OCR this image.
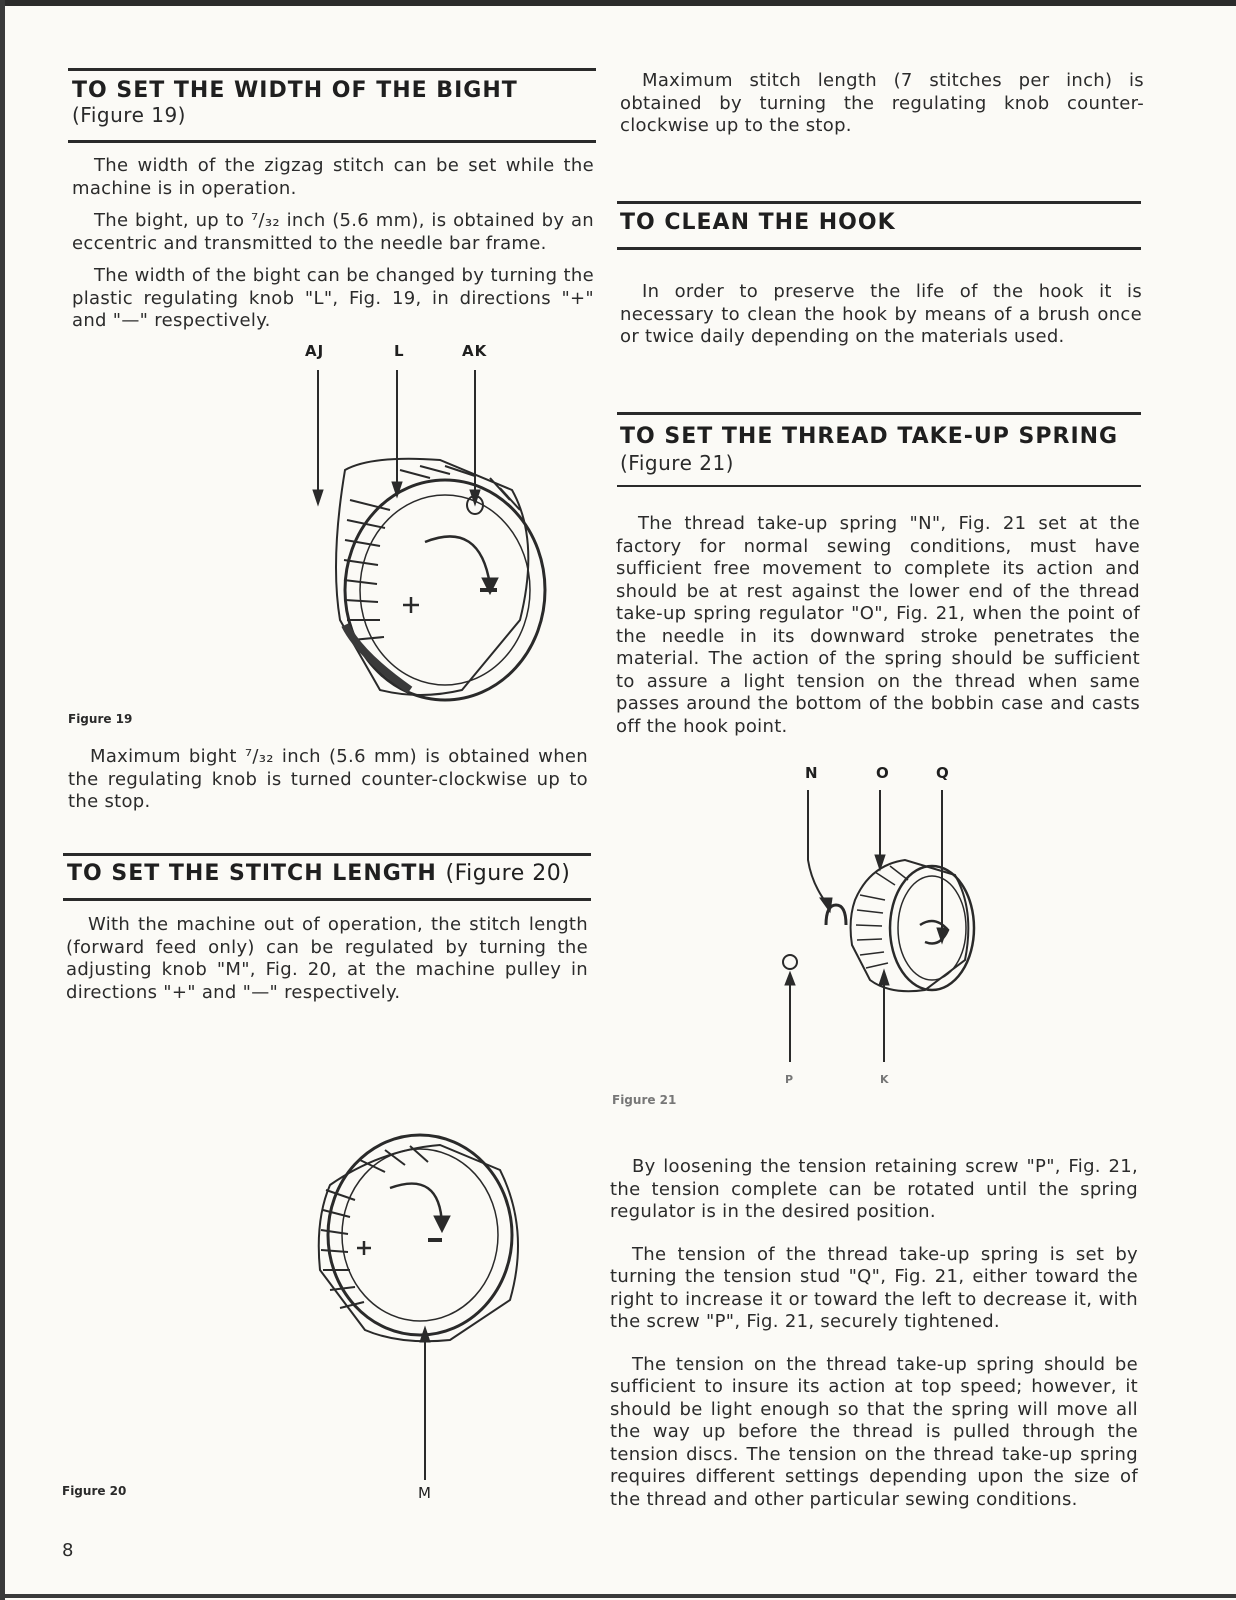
TO SET THE WIDTH OF THE BIGHT
(Figure 19)

The width of the zigzag stitch can be set while the machine is in operation.

The bight, up to ⁷/₃₂ inch (5.6 mm), is obtained by an eccentric and transmitted to the needle bar frame.

The width of the bight can be changed by turning the plastic regulating knob "L", Fig. 19, in directions "+" and "—" respectively.

AJ	L	AK
Figure 19

Maximum bight ⁷/₃₂ inch (5.6 mm) is obtained when the regulating knob is turned counter-clockwise up to the stop.

TO SET THE STITCH LENGTH (Figure 20)

With the machine out of operation, the stitch length (forward feed only) can be regulated by turning the adjusting knob "M", Fig. 20, at the machine pulley in directions "+" and "—" respectively.

M
Figure 20
8

Maximum stitch length (7 stitches per inch) is obtained by turning the regulating knob counter-clockwise up to the stop.

TO CLEAN THE HOOK

In order to preserve the life of the hook it is necessary to clean the hook by means of a brush once or twice daily depending on the materials used.

TO SET THE THREAD TAKE-UP SPRING
(Figure 21)

The thread take-up spring "N", Fig. 21 set at the factory for normal sewing conditions, must have sufficient free movement to complete its action and should be at rest against the lower end of the thread take-up spring regulator "O", Fig. 21, when the point of the needle in its downward stroke penetrates the material. The action of the spring should be sufficient to assure a light tension on the thread when same passes around the bottom of the bobbin case and casts off the hook point.

N	O	Q
P	K
Figure 21

By loosening the tension retaining screw "P", Fig. 21, the tension complete can be rotated until the spring regulator is in the desired position.

The tension of the thread take-up spring is set by turning the tension stud "Q", Fig. 21, either toward the right to increase it or toward the left to decrease it, with the screw "P", Fig. 21, securely tightened.

The tension on the thread take-up spring should be sufficient to insure its action at top speed; however, it should be light enough so that the spring will move all the way up before the thread is pulled through the tension discs. The tension on the thread take-up spring requires different settings depending upon the size of the thread and other particular sewing conditions.
